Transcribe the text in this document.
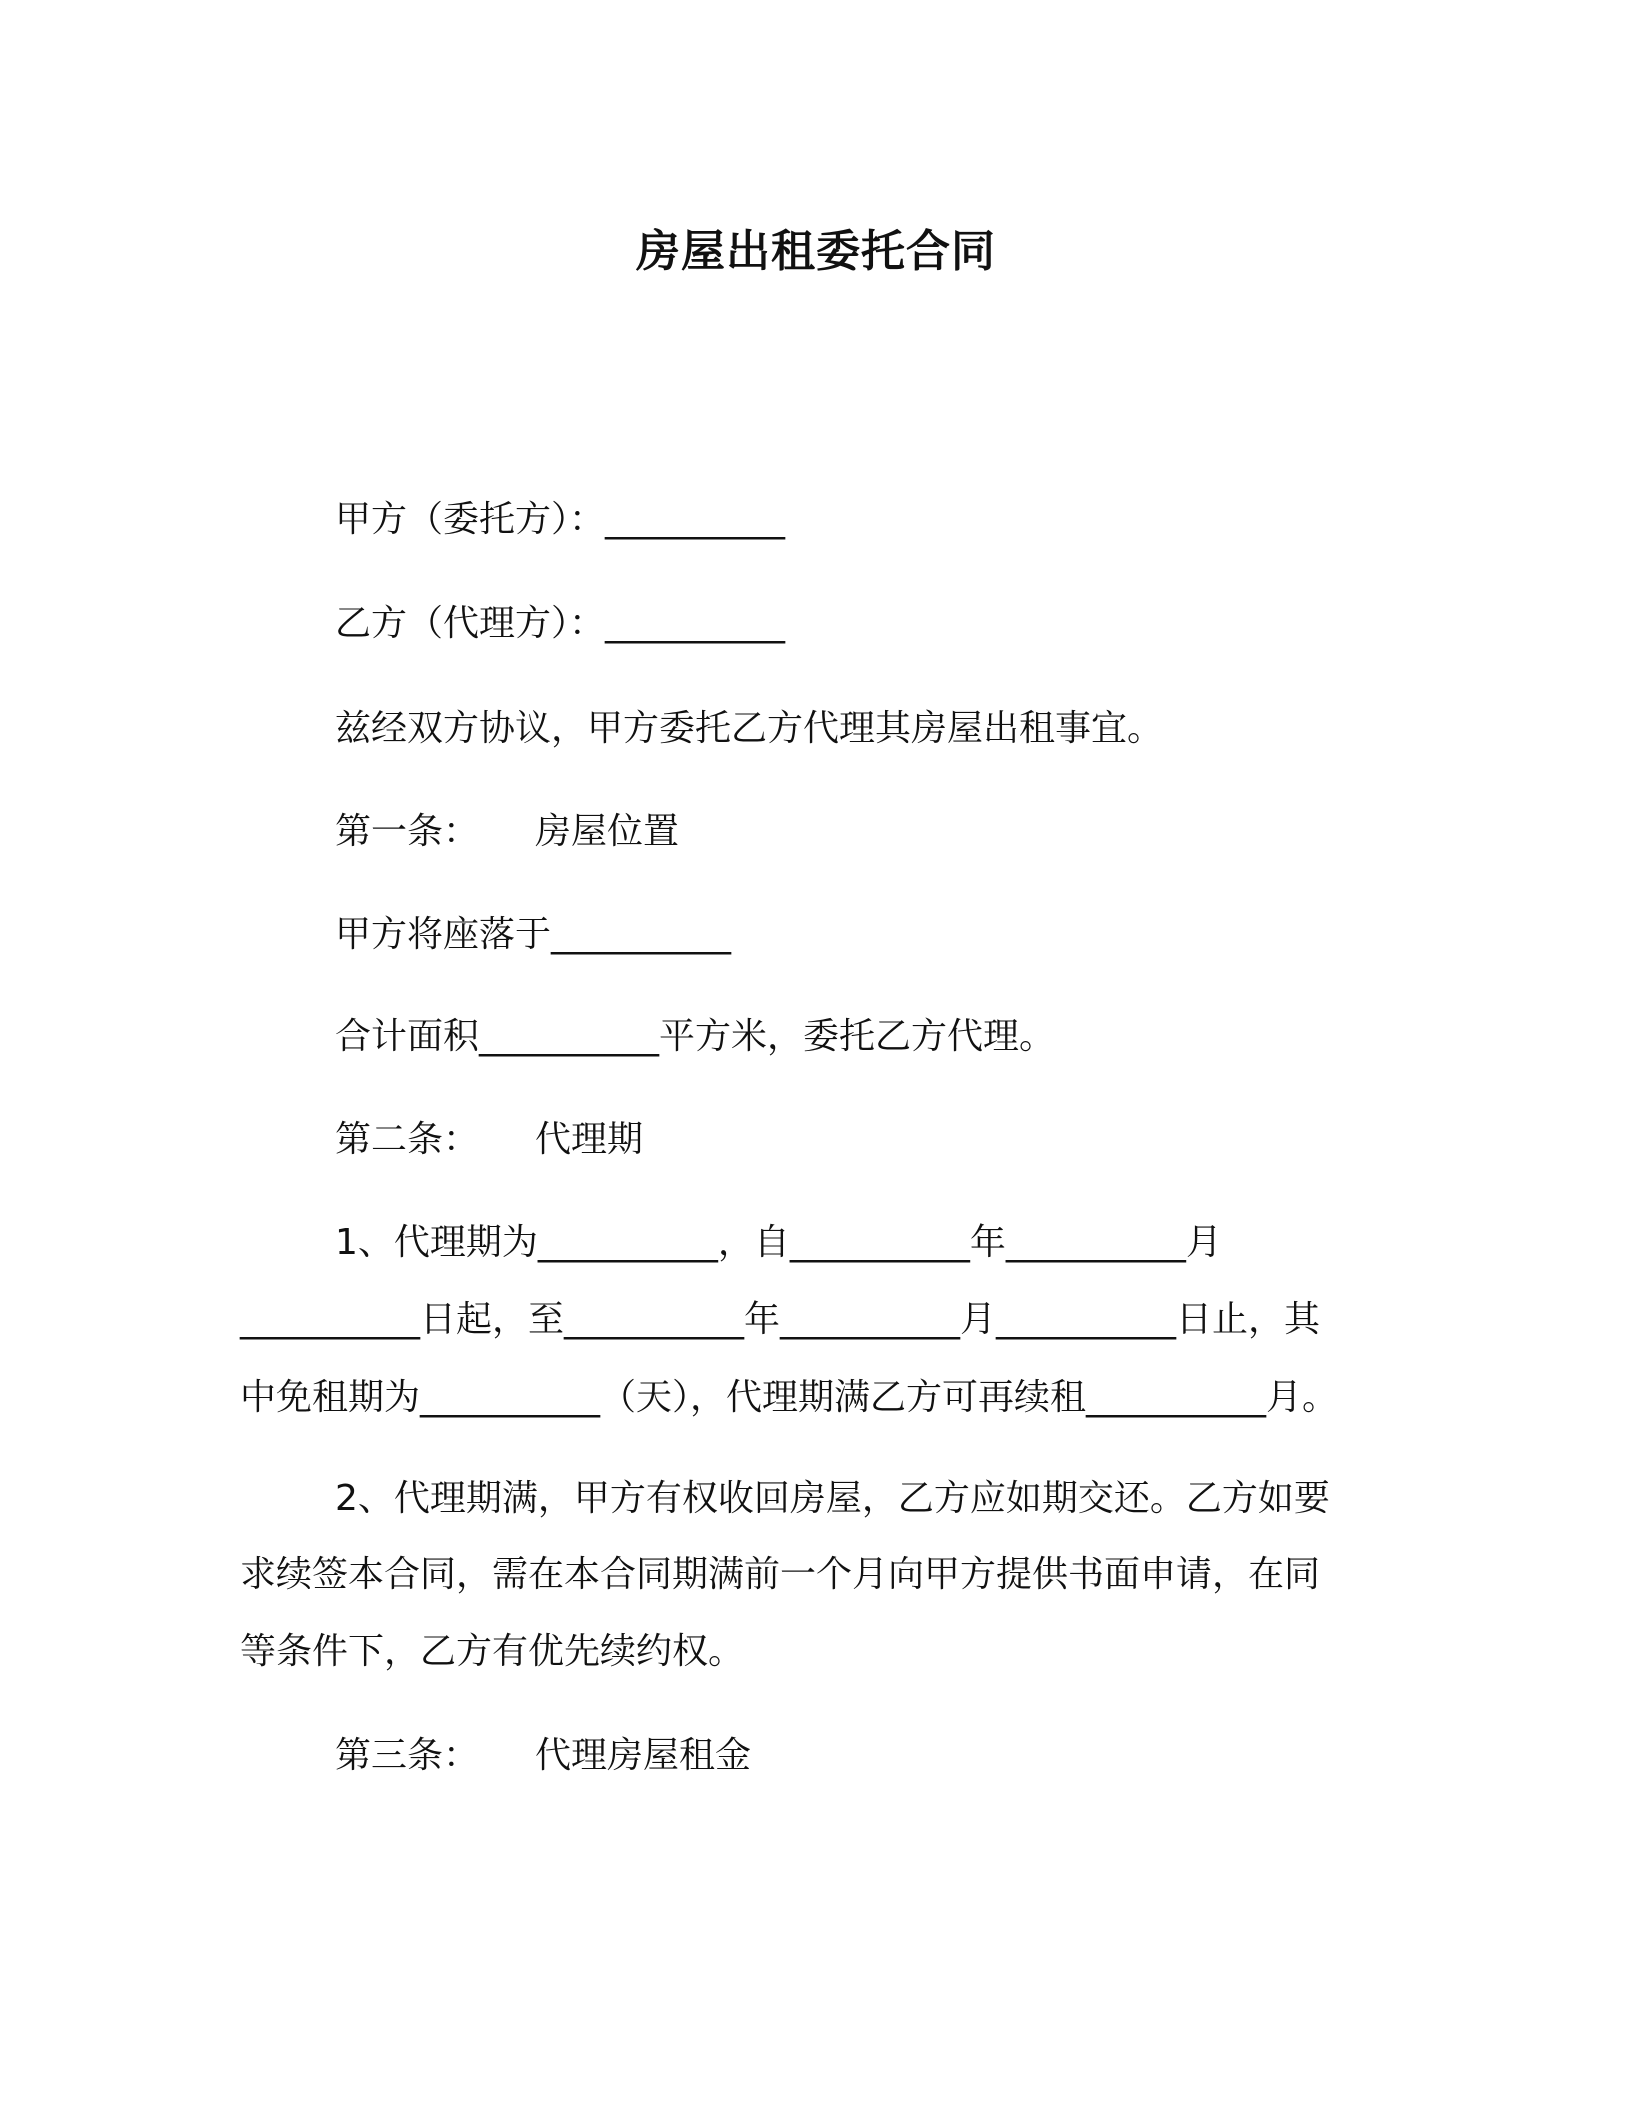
房屋出租委托合同
甲方（委托方）：__________
乙方（代理方）：__________
兹经双方协议，甲方委托乙方代理其房屋出租事宜。
第一条： 房屋位置
甲方将座落于__________
合计面积__________平方米，委托乙方代理。
第二条： 代理期
1、代理期为__________，自__________年__________月
__________日起，至__________年__________月__________日止，其
中免租期为__________（天），代理期满乙方可再续租__________月。
2、代理期满，甲方有权收回房屋，乙方应如期交还。乙方如要
求续签本合同，需在本合同期满前一个月向甲方提供书面申请，在同
等条件下，乙方有优先续约权。
第三条： 代理房屋租金
